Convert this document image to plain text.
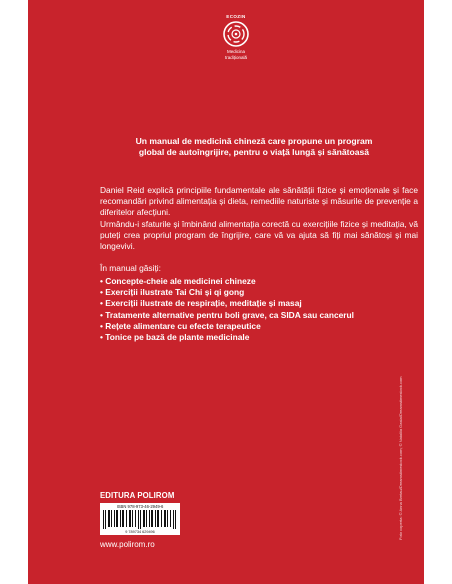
ECOZIN
Medicina
tradițională
Un manual de medicină chineză care propune un program
global de autoîngrijire, pentru o viață lungă și sănătoasă

Daniel Reid explică principiile fundamentale ale sănătății fizice și emoționale și face recomandări privind alimentația și dieta, remediile naturiste și măsurile de prevenție a diferitelor afecțiuni.

Urmându-i sfaturile și îmbinând alimentația corectă cu exercițiile fizice și meditația, vă puteți crea propriul program de îngrijire, care vă va ajuta să fiți mai sănătoși și mai longevivi.

În manual găsiți:
• Concepte-cheie ale medicinei chineze
• Exerciții ilustrate Tai Chi și qi gong
• Exerciții ilustrate de respirație, meditație și masaj
• Tratamente alternative pentru boli grave, ca SIDA sau cancerul
• Rețete alimentare cu efecte terapeutice
• Tonice pe bază de plante medicinale
EDITURA POLIROM
ISBN 978-973-46-2949-6
9 789734 629496
www.polirom.ro
Foto coperta: © Anna Bretau/Dreamstimestock.com; © Nataliia Gasta/Dreamstimestock.com
